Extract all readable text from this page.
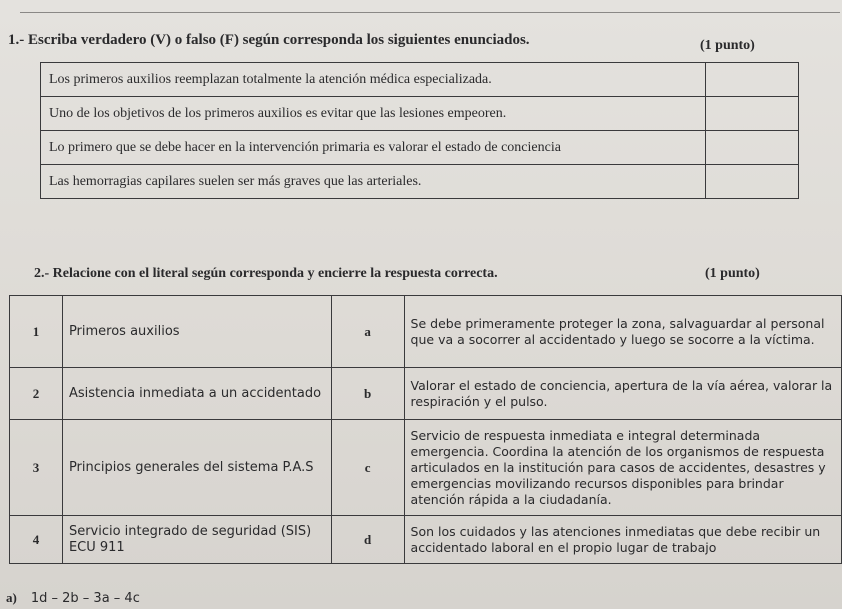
1.- Escriba verdadero (V) o falso (F) según corresponda los siguientes enunciados.	(1 punto)
Los primeros auxilios reemplazan totalmente la atención médica especializada.	
Uno de los objetivos de los primeros auxilios es evitar que las lesiones empeoren.	
Lo primero que se debe hacer en la intervención primaria es valorar el estado de conciencia	
Las hemorragias capilares suelen ser más graves que las arteriales.	
2.- Relacione con el literal según corresponda y encierre la respuesta correcta.	(1 punto)
1	Primeros auxilios	a	Se debe primeramente proteger la zona, salvaguardar al personal que va a socorrer al accidentado y luego se socorre a la víctima.
2	Asistencia inmediata a un accidentado	b	Valorar el estado de conciencia, apertura de la vía aérea, valorar la respiración y el pulso.
3	Principios generales del sistema P.A.S	c	Servicio de respuesta inmediata e integral determinada emergencia. Coordina la atención de los organismos de respuesta articulados en la institución para casos de accidentes, desastres y emergencias movilizando recursos disponibles para brindar atención rápida a la ciudadanía.
4	Servicio integrado de seguridad (SIS) ECU 911	d	Son los cuidados y las atenciones inmediatas que debe recibir un accidentado laboral en el propio lugar de trabajo
a) 1d – 2b – 3a – 4c
